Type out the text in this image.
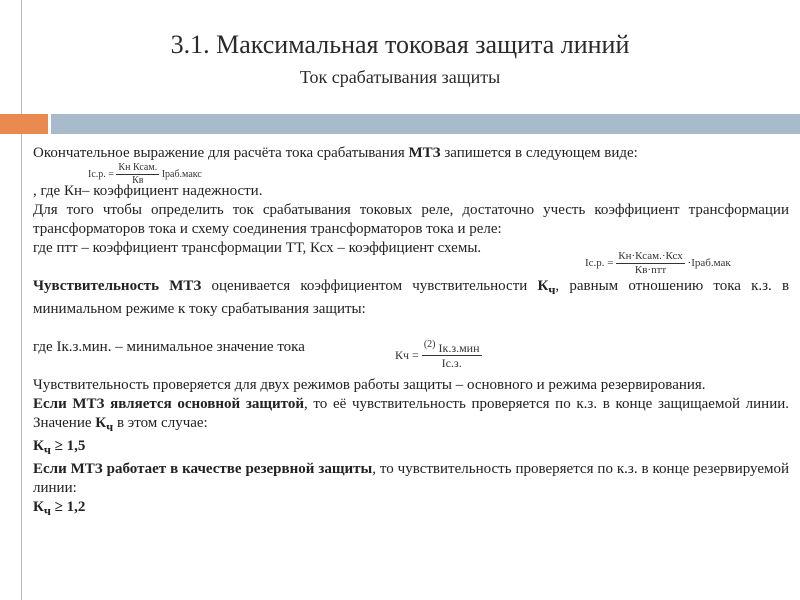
3.1. Максимальная токовая защита линий
Ток срабатывания защиты

Окончательное выражение для расчёта тока срабатывания МТЗ запишется в следующем виде:

, где Кн– коэффициент надежности.

Для того чтобы определить ток срабатывания токовых реле, достаточно учесть коэффициент трансформации трансформаторов тока и схему соединения трансформаторов тока и реле:

где птт – коэффициент трансформации ТТ, Ксх – коэффициент схемы.

Чувствительность МТЗ оценивается коэффициентом чувствительности $К_ч$, равным отношению тока к.з. в минимальном режиме к току срабатывания защиты:

где Iк.з.мин. – минимальное значение тока

Чувствительность проверяется для двух режимов работы защиты – основного и режима резервирования.

Если МТЗ является основной защитой, то её чувствительность проверяется по к.з. в конце защищаемой линии. Значение $К_ч$ в этом случае:

$К_ч \ge 1,5$

Если МТЗ работает в качестве резервной защиты, то чувствительность проверяется по к.з. в конце резервируемой линии:

$К_ч \ge 1,2$

Iс.р. = $\frac{\text{Кн Ксам.}}{Кв}$ Iраб.макс
Iс.р. = $\frac{\text{Кн·Ксам.·Ксх}}{\text{Кв·nтт}}$ ·Iраб.мак
Кч = $\frac{^{(2)} Iк.з.мин}{Iс.з.}$
